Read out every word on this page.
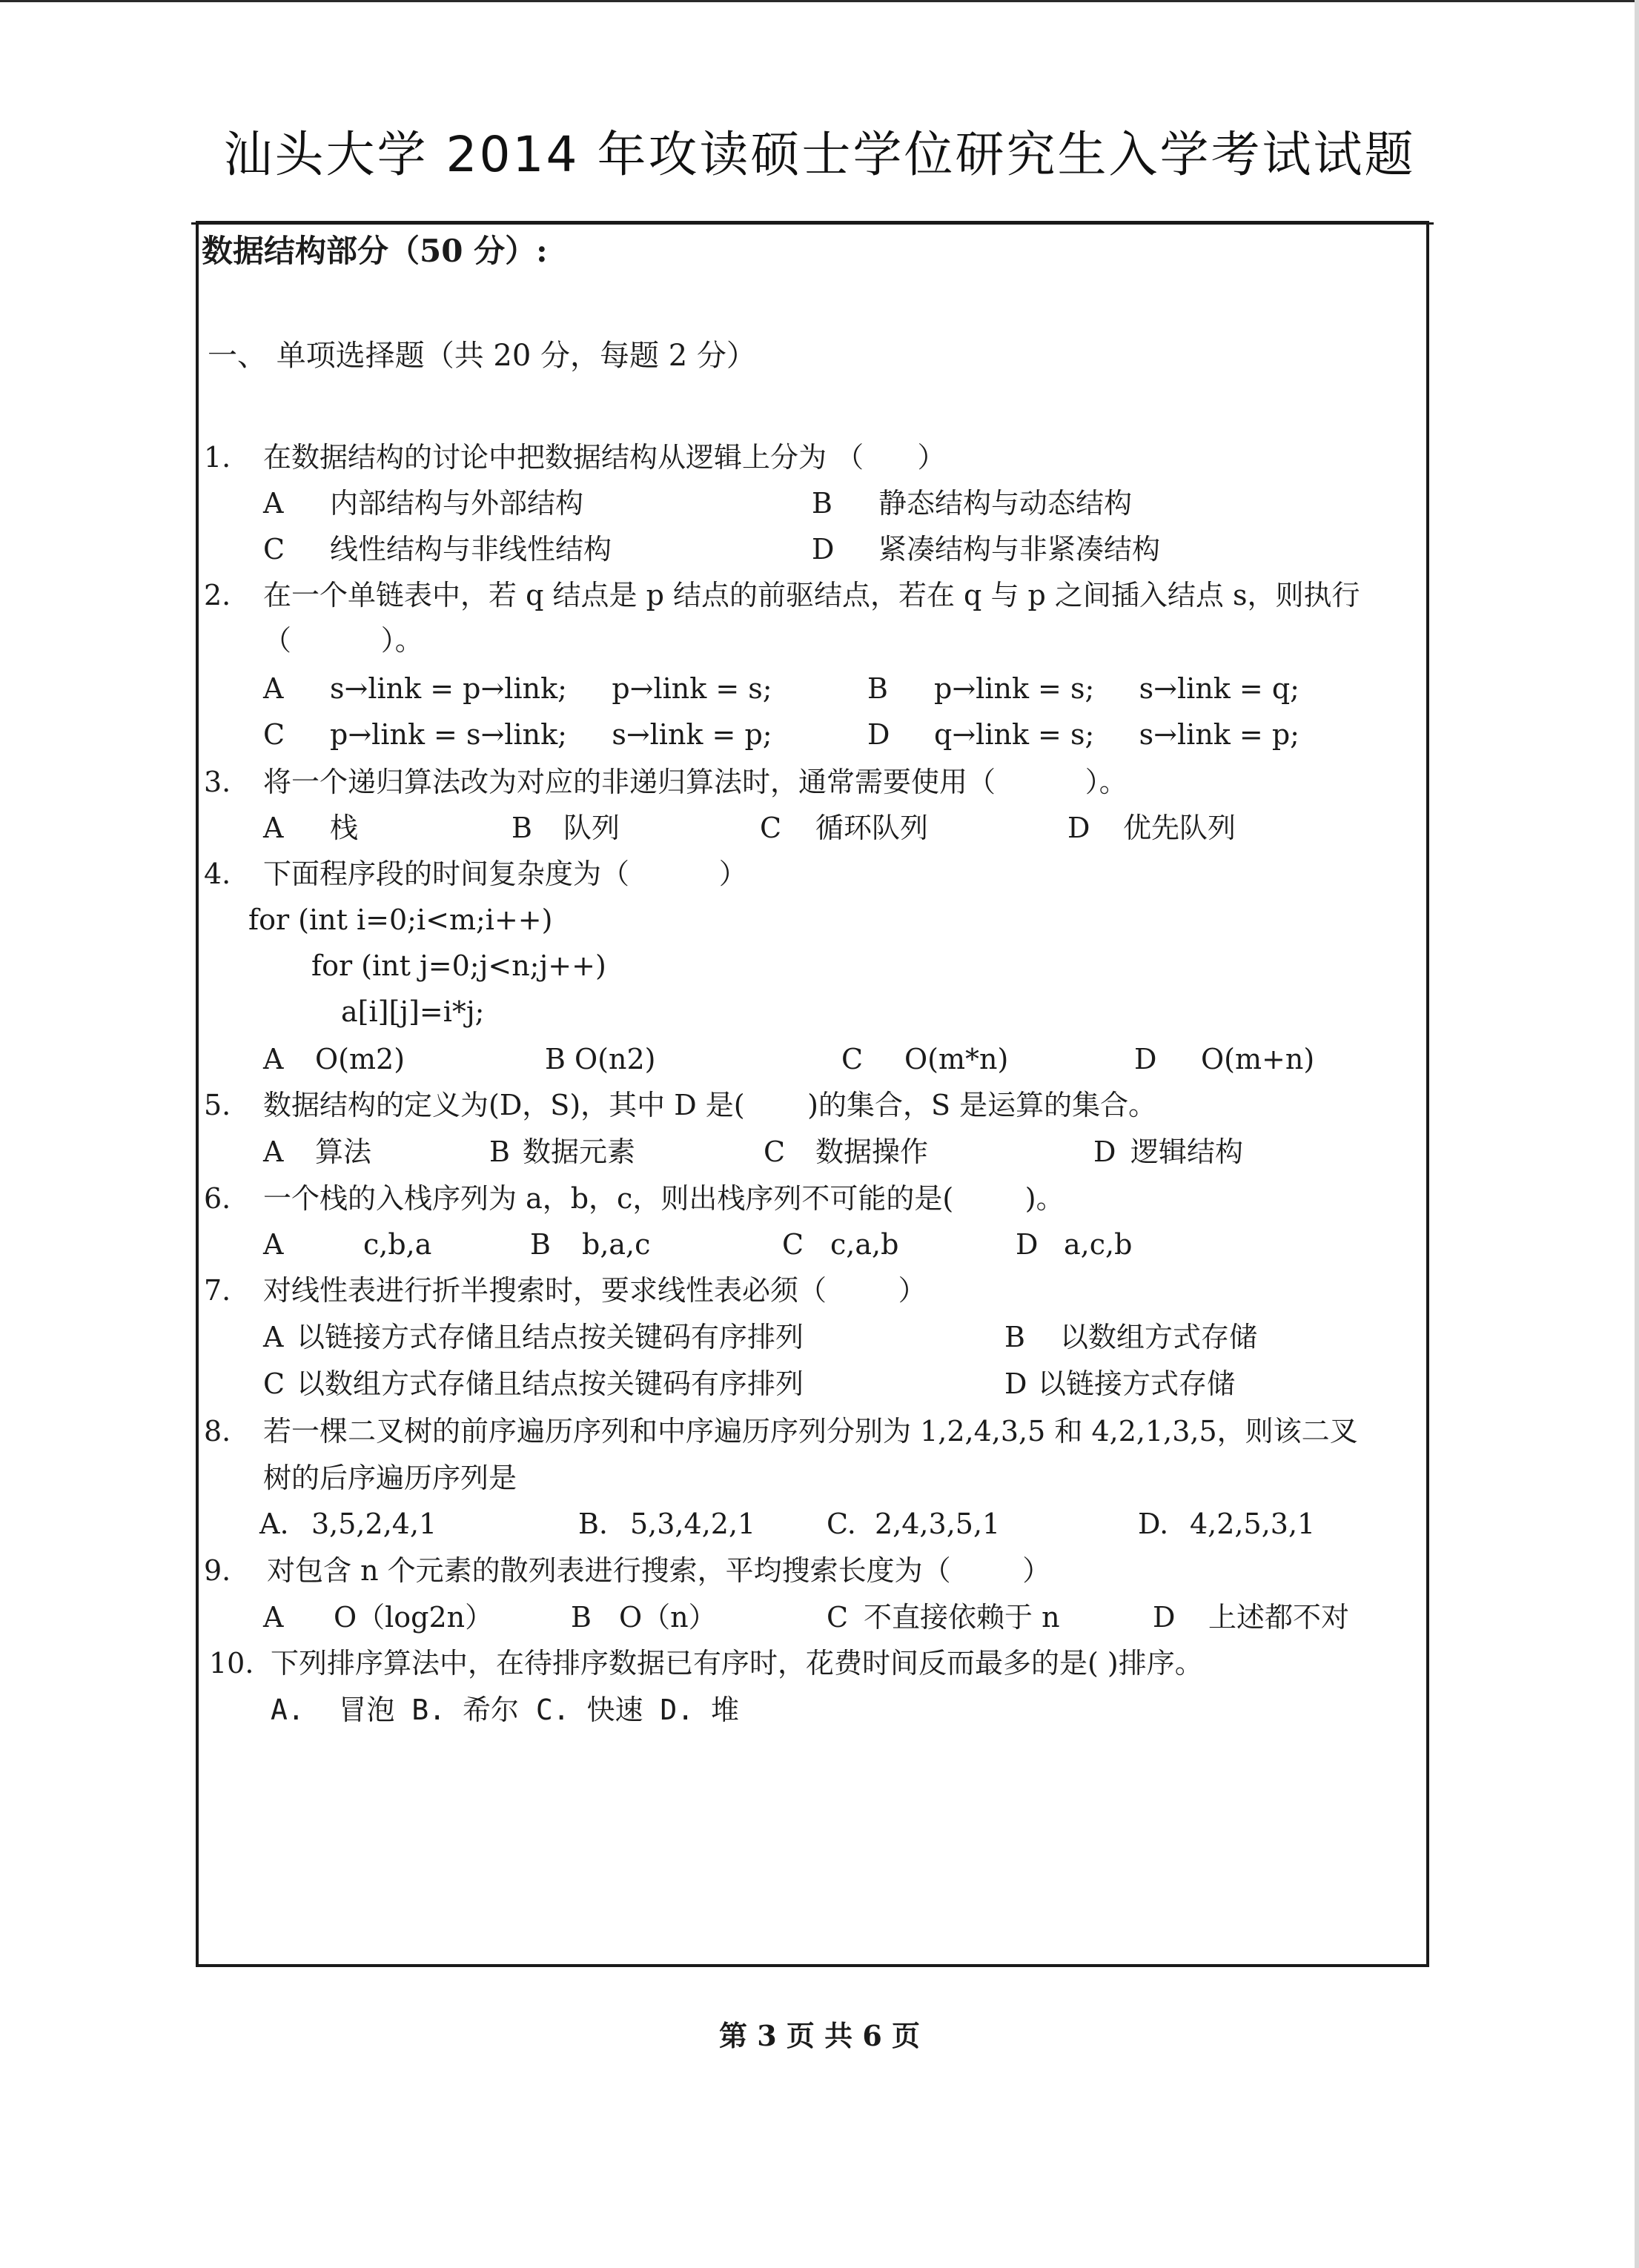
汕头大学 2014 年攻读硕士学位研究生入学考试试题
数据结构部分（50 分）:
一、 单项选择题（共 20 分，每题 2 分）
1. 在数据结构的讨论中把数据结构从逻辑上分为 （      ）
A 内部结构与外部结构	B 静态结构与动态结构
C 线性结构与非线性结构	D 紧凑结构与非紧凑结构
2. 在一个单链表中，若 q 结点是 p 结点的前驱结点，若在 q 与 p 之间插入结点 s，则执行
（          ）。
A s→link = p→link;     p→link = s;	B p→link = s;     s→link = q;
C p→link = s→link;     s→link = p;	D q→link = s;     s→link = p;
3. 将一个递归算法改为对应的非递归算法时，通常需要使用（          ）。
A 栈	B 队列	C 循环队列	D 优先队列
4. 下面程序段的时间复杂度为（          ）
for (int i=0;i<m;i++)
for (int j=0;j<n;j++)
a[i][j]=i*j;
A O(m2)	B O(n2)	C O(m*n)	D O(m+n)
5. 数据结构的定义为(D，S)，其中 D 是(       )的集合，S 是运算的集合。
A 算法	B 数据元素	C 数据操作	D 逻辑结构
6. 一个栈的入栈序列为 a，b，c，则出栈序列不可能的是(        )。
A	c,b,a	B b,a,c	C c,a,b	D a,c,b
7. 对线性表进行折半搜索时，要求线性表必须（        ）
A 以链接方式存储且结点按关键码有序排列	B 以数组方式存储
C 以数组方式存储且结点按关键码有序排列	D 以链接方式存储
8. 若一棵二叉树的前序遍历序列和中序遍历序列分别为 1,2,4,3,5 和 4,2,1,3,5，则该二叉
树的后序遍历序列是
A. 3,5,2,4,1	B. 5,3,4,2,1	C. 2,4,3,5,1	D. 4,2,5,3,1
9. 对包含 n 个元素的散列表进行搜索，平均搜索长度为（        ）
A O（log2n）	B O（n）	C 不直接依赖于 n	D 上述都不对
10. 下列排序算法中，在待排序数据已有序时，花费时间反而最多的是( )排序。
A.  冒泡 B. 希尔 C. 快速 D. 堆
第 3 页 共 6 页
